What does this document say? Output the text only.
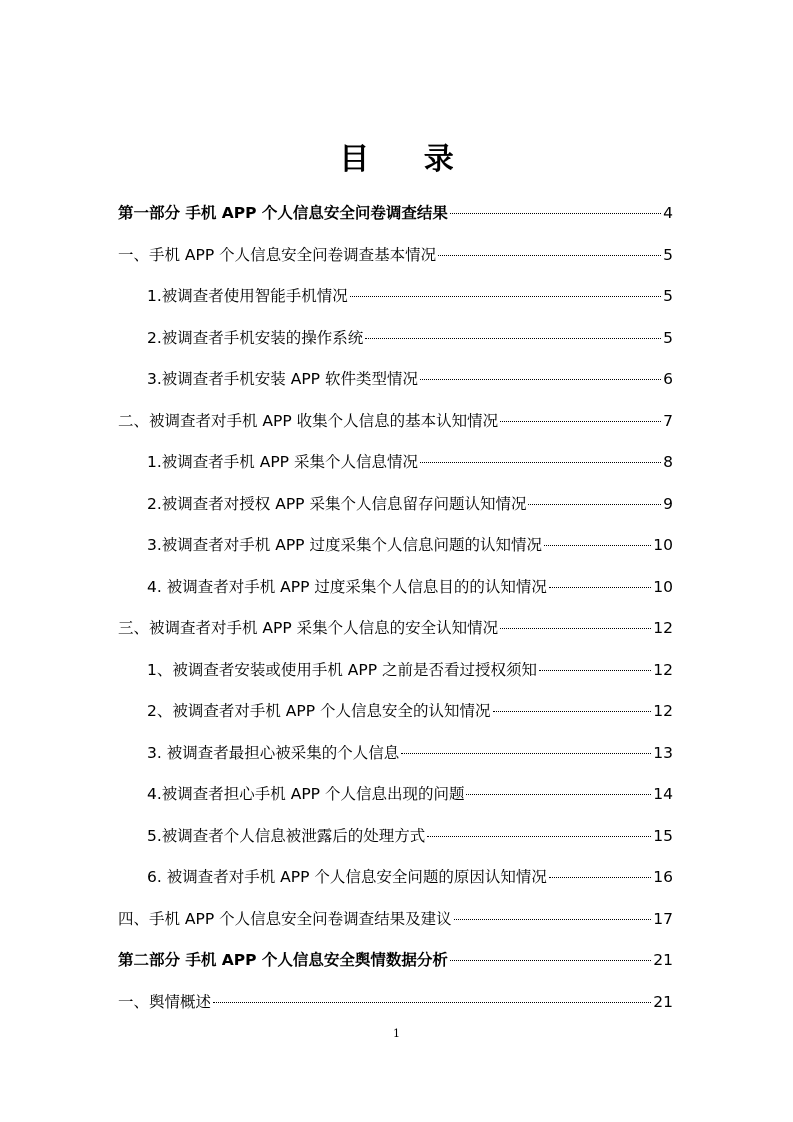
目 录
第一部分 手机 APP 个人信息安全问卷调查结果	4
一、手机 APP 个人信息安全问卷调查基本情况	5
1.被调查者使用智能手机情况	5
2.被调查者手机安装的操作系统	5
3.被调查者手机安装 APP 软件类型情况	6
二、被调查者对手机 APP 收集个人信息的基本认知情况	7
1.被调查者手机 APP 采集个人信息情况	8
2.被调查者对授权 APP 采集个人信息留存问题认知情况	9
3.被调查者对手机 APP 过度采集个人信息问题的认知情况	10
4. 被调查者对手机 APP 过度采集个人信息目的的认知情况	10
三、被调查者对手机 APP 采集个人信息的安全认知情况	12
1、被调查者安装或使用手机 APP 之前是否看过授权须知	12
2、被调查者对手机 APP 个人信息安全的认知情况	12
3. 被调查者最担心被采集的个人信息	13
4.被调查者担心手机 APP 个人信息出现的问题	14
5.被调查者个人信息被泄露后的处理方式	15
6. 被调查者对手机 APP 个人信息安全问题的原因认知情况	16
四、手机 APP 个人信息安全问卷调查结果及建议	17
第二部分 手机 APP 个人信息安全舆情数据分析	21
一、舆情概述	21
1
